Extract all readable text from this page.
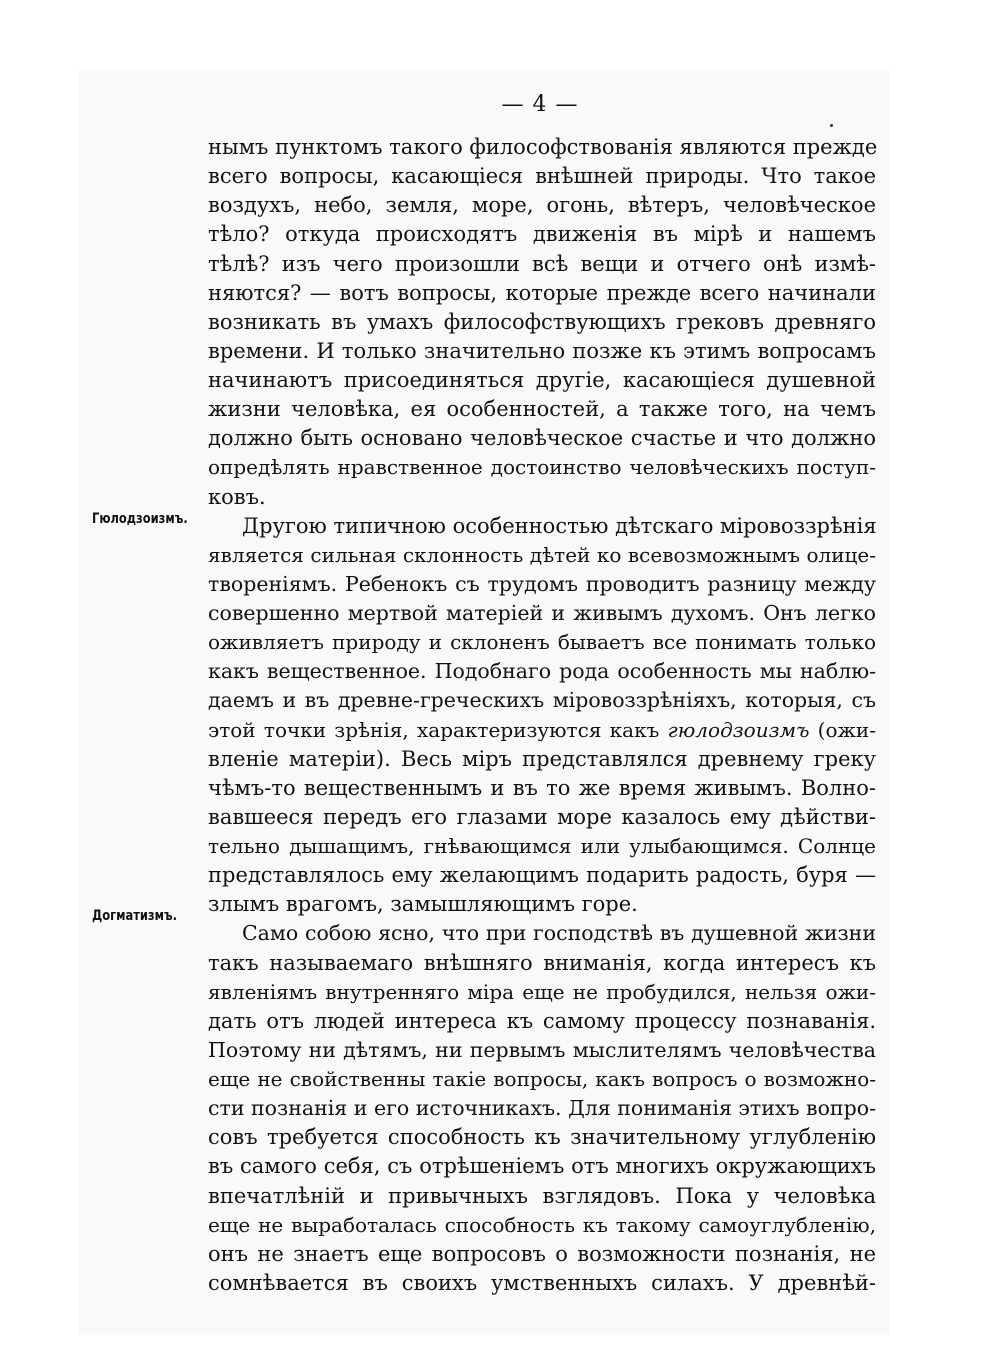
— 4 —
Гюлодзоизмъ.
Догматизмъ.
нымъ пунктомъ такого философствованія являются прежде
всего вопросы, касающіеся внѣшней природы. Что такое
воздухъ, небо, земля, море, огонь, вѣтеръ, человѣческое
тѣло? откуда происходятъ движенія въ мірѣ и нашемъ
тѣлѣ? изъ чего произошли всѣ вещи и отчего онѣ измѣ-
няются? — вотъ вопросы, которые прежде всего начинали
возникать въ умахъ философствующихъ грековъ древняго
времени. И только значительно позже къ этимъ вопросамъ
начинаютъ присоединяться другіе, касающіеся душевной
жизни человѣка, ея особенностей, а также того, на чемъ
должно быть основано человѣческое счастье и что должно
опредѣлять нравственное достоинство человѣческихъ поступ-
ковъ.
Другою типичною особенностью дѣтскаго міровоззрѣнія
является сильная склонность дѣтей ко всевозможнымъ олице-
твореніямъ. Ребенокъ съ трудомъ проводитъ разницу между
совершенно мертвой матеріей и живымъ духомъ. Онъ легко
оживляетъ природу и склоненъ бываетъ все понимать только
какъ вещественное. Подобнаго рода особенность мы наблю-
даемъ и въ древне-греческихъ міровоззрѣніяхъ, которыя, съ
этой точки зрѣнія, характеризуются какъ гюлодзоизмъ (ожи-
вленіе матеріи). Весь міръ представлялся древнему греку
чѣмъ-то вещественнымъ и въ то же время живымъ. Волно-
вавшееся передъ его глазами море казалось ему дѣйстви-
тельно дышащимъ, гнѣвающимся или улыбающимся. Солнце
представлялось ему желающимъ подарить радость, буря —
злымъ врагомъ, замышляющимъ горе.
Само собою ясно, что при господствѣ въ душевной жизни
такъ называемаго внѣшняго вниманія, когда интересъ къ
явленіямъ внутренняго міра еще не пробудился, нельзя ожи-
дать отъ людей интереса къ самому процессу познаванія.
Поэтому ни дѣтямъ, ни первымъ мыслителямъ человѣчества
еще не свойственны такіе вопросы, какъ вопросъ о возможно-
сти познанія и его источникахъ. Для пониманія этихъ вопро-
совъ требуется способность къ значительному углубленію
въ самого себя, съ отрѣшеніемъ отъ многихъ окружающихъ
впечатлѣній и привычныхъ взглядовъ. Пока у человѣка
еще не выработалась способность къ такому самоуглубленію,
онъ не знаетъ еще вопросовъ о возможности познанія, не
сомнѣвается въ своихъ умственныхъ силахъ. У древнѣй-
